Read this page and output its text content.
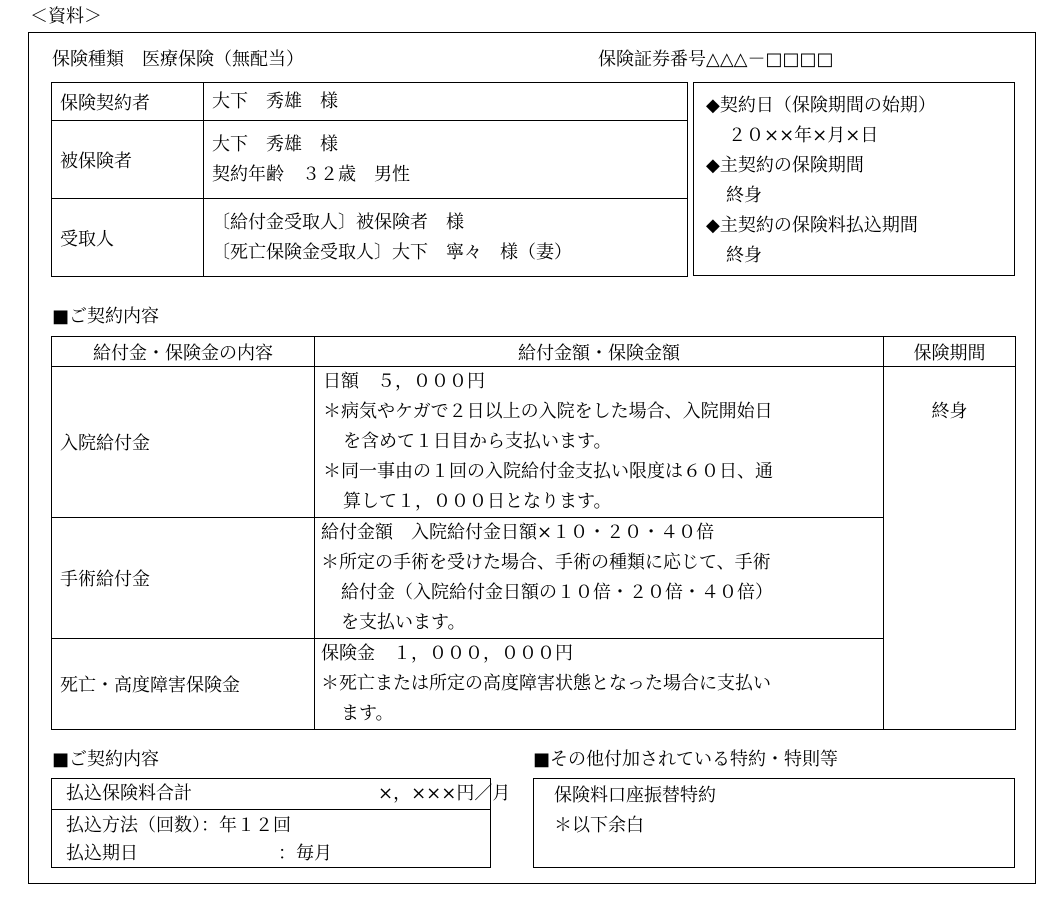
＜資料＞
保険種類　医療保険（無配当）	保険証券番号△△△－□□□□
保険契約者	大下　秀雄　様

被保険者	大下　秀雄　様
契約年齢　３２歳　男性

受取人	〔給付金受取人〕被保険者　様
〔死亡保険金受取人〕大下　寧々　様（妻）
◆契約日（保険期間の始期）
２０××年×月×日
◆主契約の保険期間
終身
◆主契約の保険料払込期間
終身
■ご契約内容
給付金・保険金の内容	給付金額・保険金額	保険期間
入院給付金	日額　５，０００円
＊病気やケガで２日以上の入院をした場合、入院開始日
を含めて１日目から支払います。
＊同一事由の１回の入院給付金支払い限度は６０日、通
算して１，０００日となります。	終身
手術給付金	給付金額　入院給付金日額×１０・２０・４０倍
＊所定の手術を受けた場合、手術の種類に応じて、手術
給付金（入院給付金日額の１０倍・２０倍・４０倍）
を支払います。	

死亡・高度障害保険金	保険金　１，０００，０００円
＊死亡または所定の高度障害状態となった場合に支払い
ます。	
■ご契約内容	■その他付加されている特約・特則等
払込保険料合計	×，×××円／月
払込方法（回数）：年１２回
払込期日	：毎月
保険料口座振替特約
＊以下余白
